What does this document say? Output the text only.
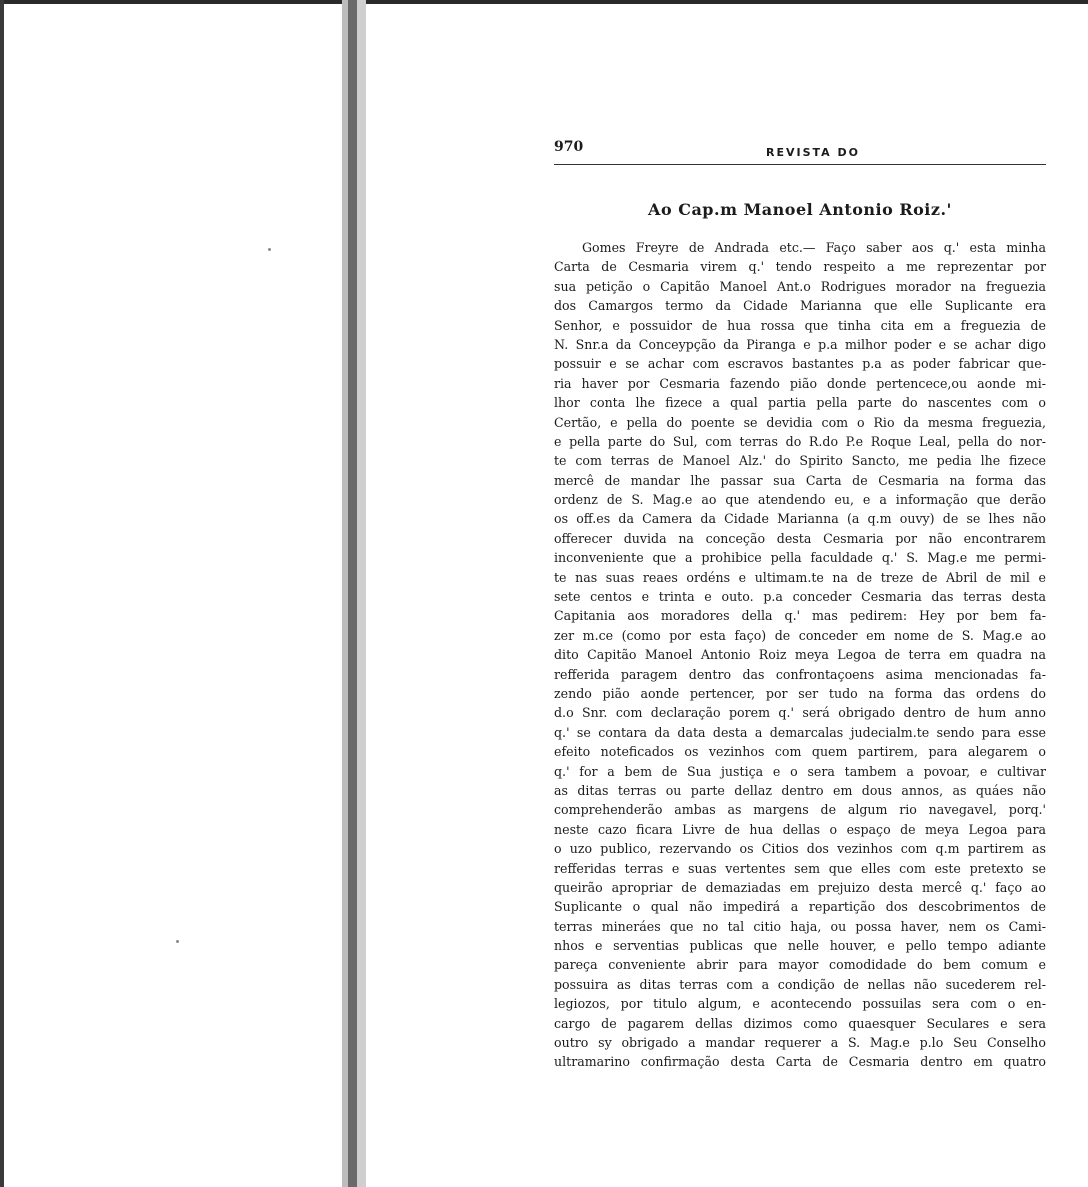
970	REVISTA DO
Ao Cap.m Manoel Antonio Roiz.'
Gomes Freyre de Andrada etc.— Faço saber aos q.' esta minha
Carta de Cesmaria virem q.' tendo respeito a me reprezentar por
sua petição o Capitão Manoel Ant.o Rodrigues morador na freguezia
dos Camargos termo da Cidade Marianna que elle Suplicante era
Senhor, e possuidor de hua rossa que tinha cita em a freguezia de
N. Snr.a da Conceypção da Piranga e p.a milhor poder e se achar digo
possuir e se achar com escravos bastantes p.a as poder fabricar que-
ria haver por Cesmaria fazendo pião donde pertencece,ou aonde mi-
lhor conta lhe fizece a qual partia pella parte do nascentes com o
Certão, e pella do poente se devidia com o Rio da mesma freguezia,
e pella parte do Sul, com terras do R.do P.e Roque Leal, pella do nor-
te com terras de Manoel Alz.' do Spirito Sancto, me pedia lhe fizece
mercê de mandar lhe passar sua Carta de Cesmaria na forma das
ordenz de S. Mag.e ao que atendendo eu, e a informação que derão
os off.es da Camera da Cidade Marianna (a q.m ouvy) de se lhes não
offerecer duvida na conceção desta Cesmaria por não encontrarem
inconveniente que a prohibice pella faculdade q.' S. Mag.e me permi-
te nas suas reaes ordéns e ultimam.te na de treze de Abril de mil e
sete centos e trinta e outo. p.a conceder Cesmaria das terras desta
Capitania aos moradores della q.' mas pedirem: Hey por bem fa-
zer m.ce (como por esta faço) de conceder em nome de S. Mag.e ao
dito Capitão Manoel Antonio Roiz meya Legoa de terra em quadra na
refferida paragem dentro das confrontaçoens asima mencionadas fa-
zendo pião aonde pertencer, por ser tudo na forma das ordens do
d.o Snr. com declaração porem q.' será obrigado dentro de hum anno
q.' se contara da data desta a demarcalas judecialm.te sendo para esse
efeito noteficados os vezinhos com quem partirem, para alegarem o
q.' for a bem de Sua justiça e o sera tambem a povoar, e cultivar
as ditas terras ou parte dellaz dentro em dous annos, as quáes não
comprehenderão ambas as margens de algum rio navegavel, porq.'
neste cazo ficara Livre de hua dellas o espaço de meya Legoa para
o uzo publico, rezervando os Citios dos vezinhos com q.m partirem as
refferidas terras e suas vertentes sem que elles com este pretexto se
queirão apropriar de demaziadas em prejuizo desta mercê q.' faço ao
Suplicante o qual não impedirá a repartição dos descobrimentos de
terras mineráes que no tal citio haja, ou possa haver, nem os Cami-
nhos e serventias publicas que nelle houver, e pello tempo adiante
pareça conveniente abrir para mayor comodidade do bem comum e
possuira as ditas terras com a condição de nellas não sucederem rel-
legiozos, por titulo algum, e acontecendo possuilas sera com o en-
cargo de pagarem dellas dizimos como quaesquer Seculares e sera
outro sy obrigado a mandar requerer a S. Mag.e p.lo Seu Conselho
ultramarino confirmação desta Carta de Cesmaria dentro em quatro
